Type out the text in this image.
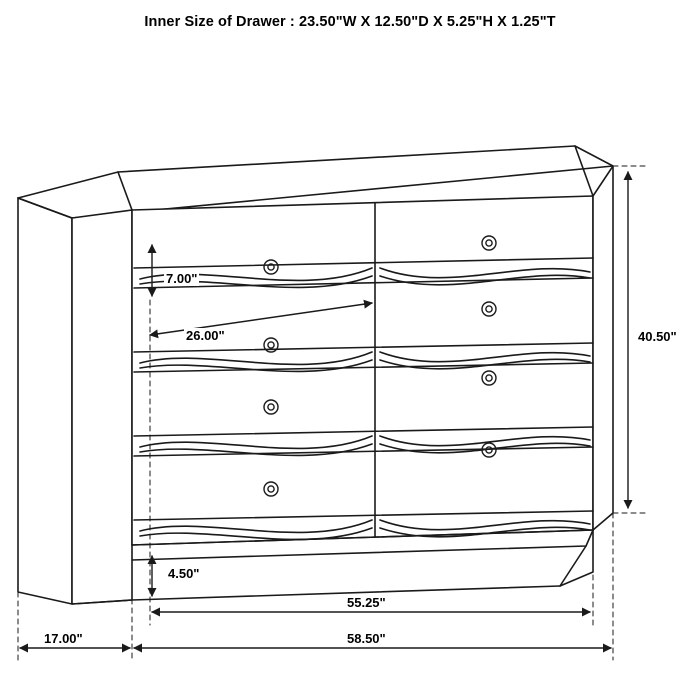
Inner Size of Drawer : 23.50"W X 12.50"D X 5.25"H X 1.25"T
7.00"
26.00"
4.50"
40.50"
55.25"
58.50"
17.00"
